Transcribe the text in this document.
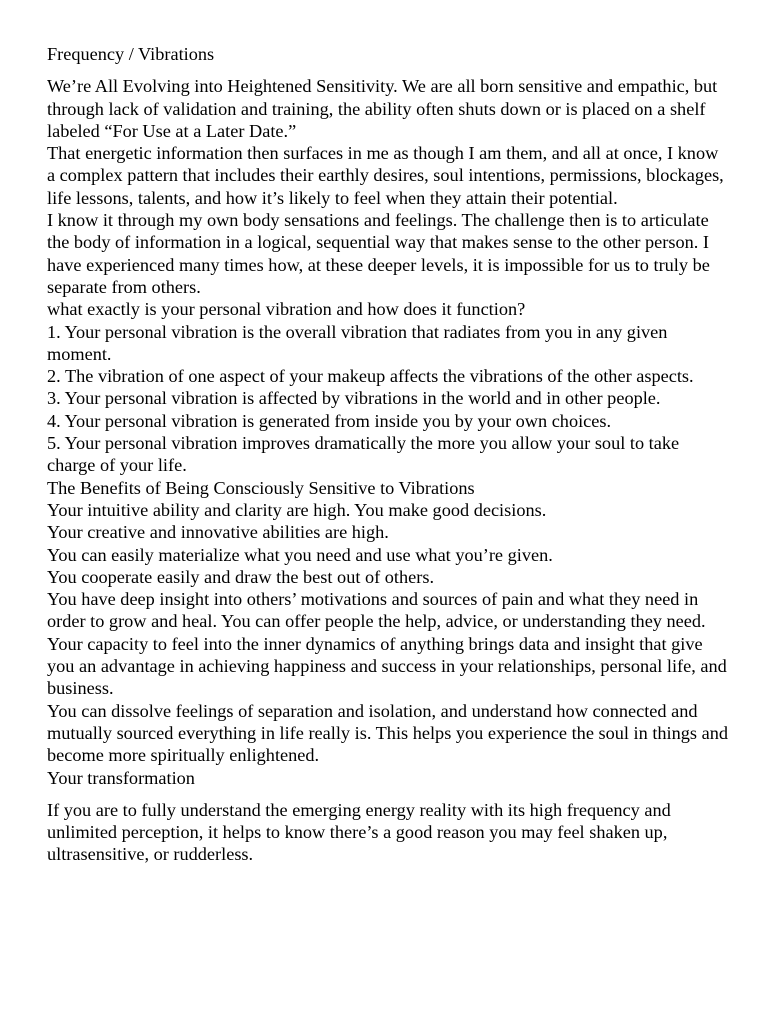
Frequency / Vibrations

We’re All Evolving into Heightened Sensitivity. We are all born sensitive and empathic, but through lack of validation and training, the ability often shuts down or is placed on a shelf labeled “For Use at a Later Date.”

That energetic information then surfaces in me as though I am them, and all at once, I know a complex pattern that includes their earthly desires, soul intentions, permissions, blockages, life lessons, talents, and how it’s likely to feel when they attain their potential.

I know it through my own body sensations and feelings. The challenge then is to articulate the body of information in a logical, sequential way that makes sense to the other person. I have experienced many times how, at these deeper levels, it is impossible for us to truly be separate from others.

what exactly is your personal vibration and how does it function?

1. Your personal vibration is the overall vibration that radiates from you in any given moment.

2. The vibration of one aspect of your makeup affects the vibrations of the other aspects.

3. Your personal vibration is affected by vibrations in the world and in other people.

4. Your personal vibration is generated from inside you by your own choices.

5. Your personal vibration improves dramatically the more you allow your soul to take charge of your life.

The Benefits of Being Consciously Sensitive to Vibrations

Your intuitive ability and clarity are high. You make good decisions.

Your creative and innovative abilities are high.

You can easily materialize what you need and use what you’re given.

You cooperate easily and draw the best out of others.

You have deep insight into others’ motivations and sources of pain and what they need in order to grow and heal. You can offer people the help, advice, or understanding they need.

Your capacity to feel into the inner dynamics of anything brings data and insight that give you an advantage in achieving happiness and success in your relationships, personal life, and business.

You can dissolve feelings of separation and isolation, and understand how connected and mutually sourced everything in life really is. This helps you experience the soul in things and become more spiritually enlightened.

Your transformation

If you are to fully understand the emerging energy reality with its high frequency and unlimited perception, it helps to know there’s a good reason you may feel shaken up, ultrasensitive, or rudderless.
